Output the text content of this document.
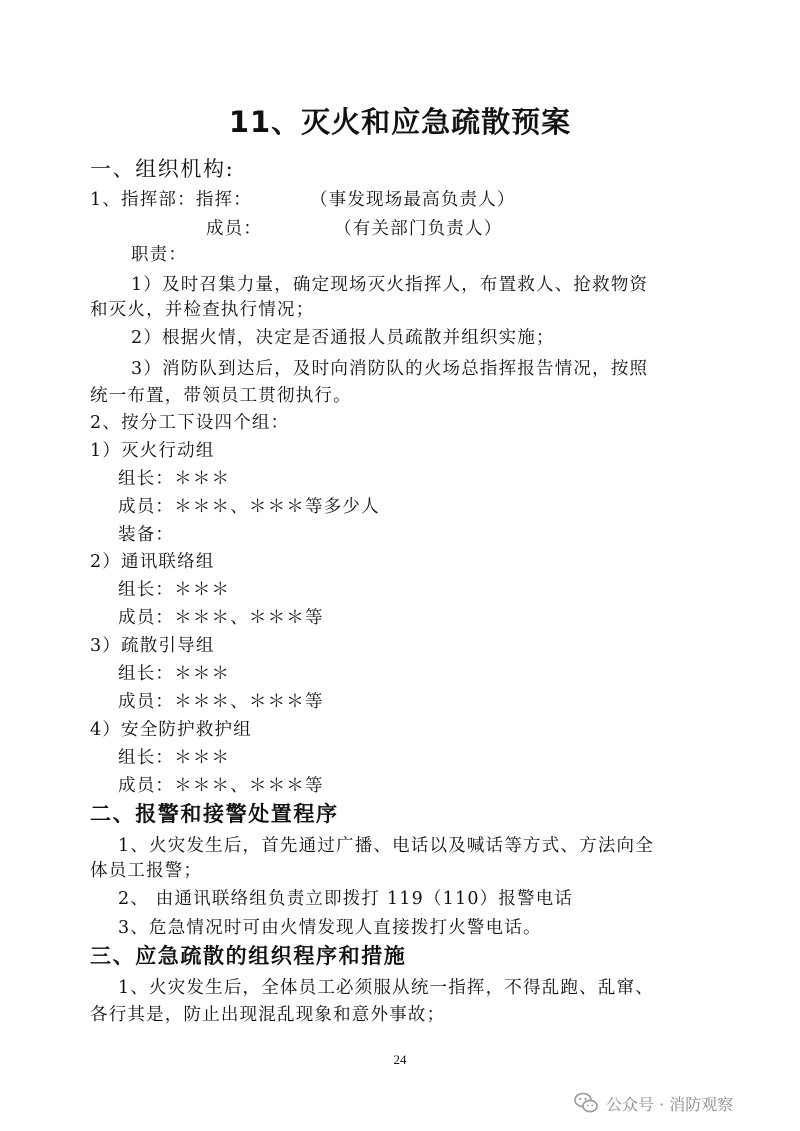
11、灭火和应急疏散预案
一、组织机构:
1、指挥部：指挥：	（事发现场最高负责人）
成员：	（有关部门负责人）
职责：
1）及时召集力量，确定现场灭火指挥人，布置救人、抢救物资
和灭火，并检查执行情况；
2）根据火情，决定是否通报人员疏散并组织实施；
3）消防队到达后，及时向消防队的火场总指挥报告情况，按照
统一布置，带领员工贯彻执行。
2、按分工下设四个组：
1）灭火行动组
组长：＊＊＊
成员：＊＊＊、＊＊＊等多少人
装备：
2）通讯联络组
组长：＊＊＊
成员：＊＊＊、＊＊＊等
3）疏散引导组
组长：＊＊＊
成员：＊＊＊、＊＊＊等
4）安全防护救护组
组长：＊＊＊
成员：＊＊＊、＊＊＊等
二、报警和接警处置程序
1、火灾发生后，首先通过广播、电话以及喊话等方式、方法向全
体员工报警；
2、 由通讯联络组负责立即拨打 119（110）报警电话
3、危急情况时可由火情发现人直接拨打火警电话。
三、应急疏散的组织程序和措施
1、火灾发生后，全体员工必须服从统一指挥，不得乱跑、乱窜、
各行其是，防止出现混乱现象和意外事故；
24
公众号 · 消防观察
